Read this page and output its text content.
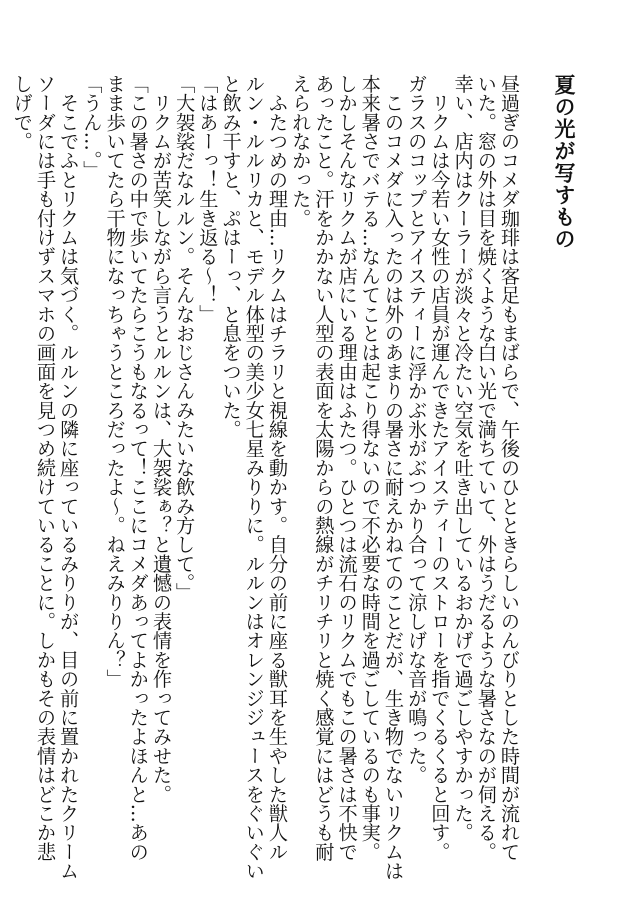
夏の光が写すもの
昼過ぎのコメダ珈琲は客足もまばらで、午後のひとときらしいのんびりとした時間が流れて
いた。窓の外は目を焼くような白い光で満ちていて、外はうだるような暑さなのが伺える。
幸い、店内はクーラーが淡々と冷たい空気を吐き出しているおかげで過ごしやすかった。
　リクムは今若い女性の店員が運んできたアイスティーのストローを指でくるくると回す。
ガラスのコップとアイスティーに浮かぶ氷がぶつかり合って涼しげな音が鳴った。
　このコメダに入ったのは外のあまりの暑さに耐えかねてのことだが、生き物でないリクムは
本来暑さでバテる…なんてことは起こり得ないので不必要な時間を過ごしているのも事実。
しかしそんなリクムが店にいる理由はふたつ。ひとつは流石のリクムでもこの暑さは不快で
あったこと。汗をかかない人型の表面を太陽からの熱線がチリチリと焼く感覚にはどうも耐
えられなかった。
　ふたつめの理由…リクムはチラリと視線を動かす。自分の前に座る獣耳を生やした獣人ル
ルン・ルルリカと、モデル体型の美少女七星みりりに。ルルンはオレンジジュースをぐいぐい
と飲み干すと、ぷはーっ、と息をついた。
「はあーっ！生き返る〜！」
「大袈裟だなルルン。そんなおじさんみたいな飲み方して。」
　リクムが苦笑しながら言うとルルンは、大袈裟ぁ？と遺憾の表情を作ってみせた。
「この暑さの中で歩いてたらこうもなるって！ここにコメダあってよかったよほんと…あの
まま歩いてたら干物になっちゃうところだったよ〜。ねえみりりん？」
「うん…。」
　そこでふとリクムは気づく。ルルンの隣に座っているみりりが、目の前に置かれたクリーム
ソーダには手も付けずスマホの画面を見つめ続けていることに。しかもその表情はどこか悲
しげで。
